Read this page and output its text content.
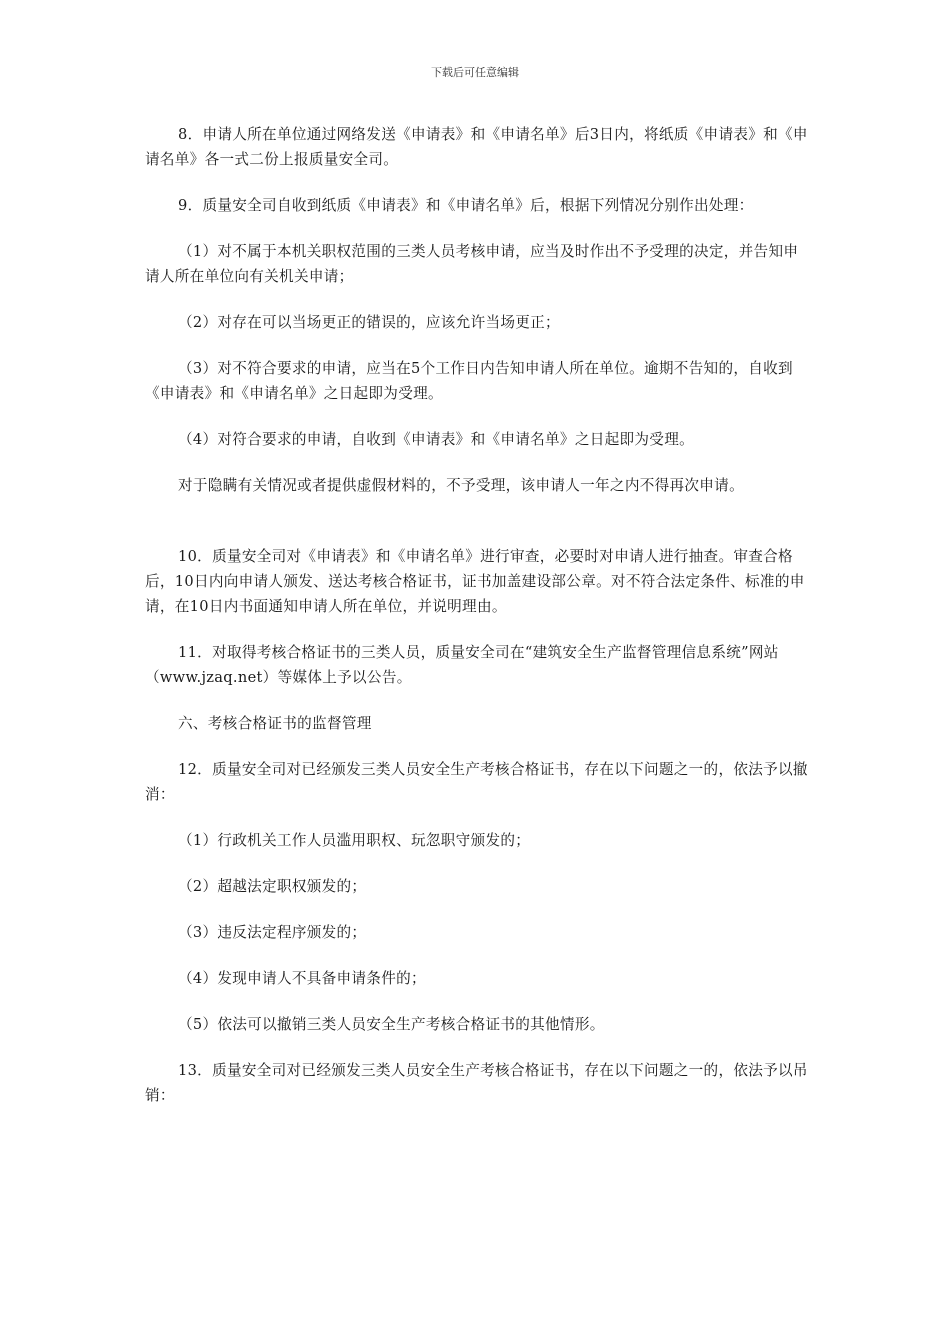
下载后可任意编辑

8．申请人所在单位通过网络发送《申请表》和《申请名单》后3日内，将纸质《申请表》和《申请名单》各一式二份上报质量安全司。

9．质量安全司自收到纸质《申请表》和《申请名单》后，根据下列情况分别作出处理：

（1）对不属于本机关职权范围的三类人员考核申请，应当及时作出不予受理的决定，并告知申请人所在单位向有关机关申请；

（2）对存在可以当场更正的错误的，应该允许当场更正；

（3）对不符合要求的申请，应当在5个工作日内告知申请人所在单位。逾期不告知的，自收到《申请表》和《申请名单》之日起即为受理。

（4）对符合要求的申请，自收到《申请表》和《申请名单》之日起即为受理。

对于隐瞒有关情况或者提供虚假材料的，不予受理，该申请人一年之内不得再次申请。

10．质量安全司对《申请表》和《申请名单》进行审查，必要时对申请人进行抽查。审查合格后，10日内向申请人颁发、送达考核合格证书，证书加盖建设部公章。对不符合法定条件、标准的申请，在10日内书面通知申请人所在单位，并说明理由。

11．对取得考核合格证书的三类人员，质量安全司在“建筑安全生产监督管理信息系统”网站（www.jzaq.net）等媒体上予以公告。

六、考核合格证书的监督管理

12．质量安全司对已经颁发三类人员安全生产考核合格证书，存在以下问题之一的，依法予以撤消：

（1）行政机关工作人员滥用职权、玩忽职守颁发的；

（2）超越法定职权颁发的；

（3）违反法定程序颁发的；

（4）发现申请人不具备申请条件的；

（5）依法可以撤销三类人员安全生产考核合格证书的其他情形。

13．质量安全司对已经颁发三类人员安全生产考核合格证书，存在以下问题之一的，依法予以吊销：
